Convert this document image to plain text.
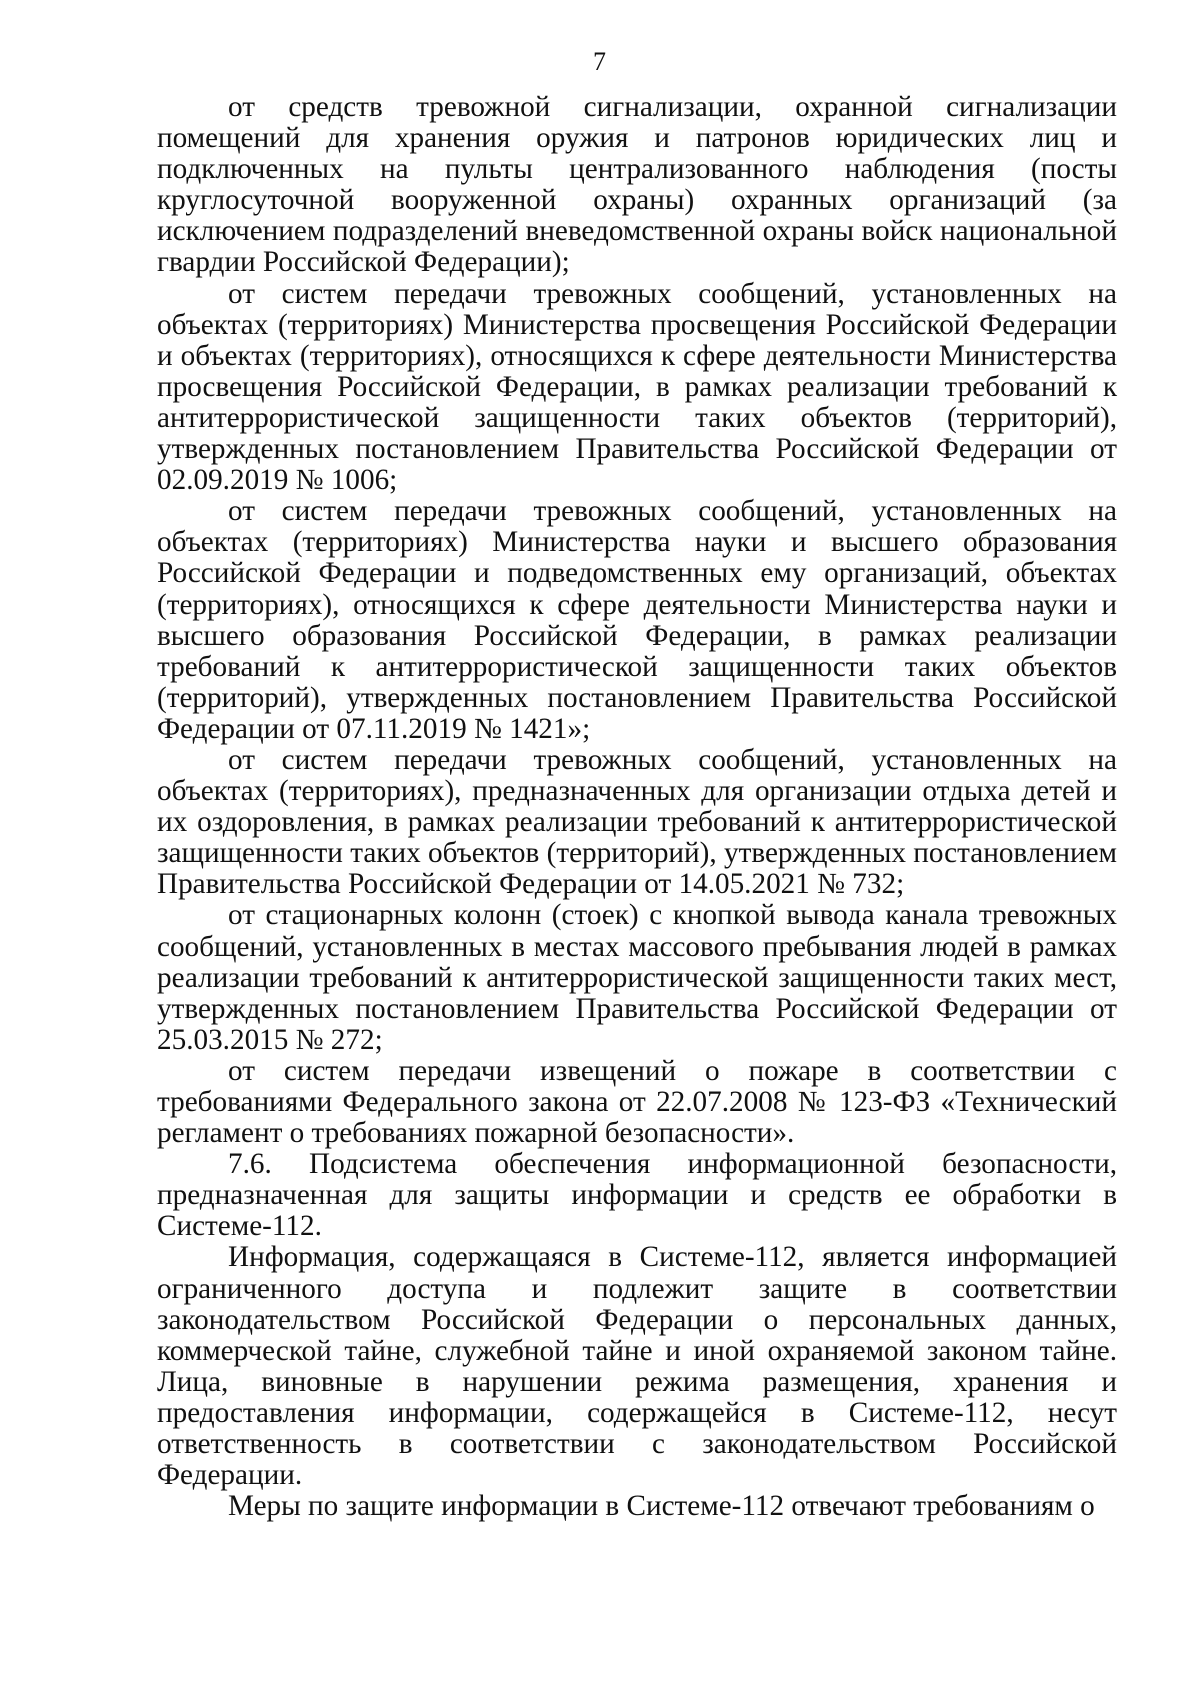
7

от средств тревожной сигнализации, охранной сигнализации помещений для хранения оружия и патронов юридических лиц и подключенных на пульты централизованного наблюдения (посты круглосуточной вооруженной охраны) охранных организаций (за исключением подразделений вневедомственной охраны войск национальной гвардии Российской Федерации);

от систем передачи тревожных сообщений, установленных на объектах (территориях) Министерства просвещения Российской Федерации и объектах (территориях), относящихся к сфере деятельности Министерства просвещения Российской Федерации, в рамках реализации требований к антитеррористической защищенности таких объектов (территорий), утвержденных постановлением Правительства Российской Федерации от 02.09.2019 № 1006;

от систем передачи тревожных сообщений, установленных на объектах (территориях) Министерства науки и высшего образования Российской Федерации и подведомственных ему организаций, объектах (территориях), относящихся к сфере деятельности Министерства науки и высшего образования Российской Федерации, в рамках реализации требований к антитеррористической защищенности таких объектов (территорий), утвержденных постановлением Правительства Российской Федерации от 07.11.2019 № 1421»;

от систем передачи тревожных сообщений, установленных на объектах (территориях), предназначенных для организации отдыха детей и их оздоровления, в рамках реализации требований к антитеррористической защищенности таких объектов (территорий), утвержденных постановлением Правительства Российской Федерации от 14.05.2021 № 732;

от стационарных колонн (стоек) с кнопкой вывода канала тревожных сообщений, установленных в местах массового пребывания людей в рамках реализации требований к антитеррористической защищенности таких мест, утвержденных постановлением Правительства Российской Федерации от 25.03.2015 № 272;

от систем передачи извещений о пожаре в соответствии с требованиями Федерального закона от 22.07.2008 № 123-ФЗ «Технический регламент о требованиях пожарной безопасности».

7.6. Подсистема обеспечения информационной безопасности, предназначенная для защиты информации и средств ее обработки в Системе-112.

Информация, содержащаяся в Системе-112, является информацией ограниченного доступа и подлежит защите в соответствии законодательством Российской Федерации о персональных данных, коммерческой тайне, служебной тайне и иной охраняемой законом тайне. Лица, виновные в нарушении режима размещения, хранения и предоставления информации, содержащейся в Системе-112, несут ответственность в соответствии с законодательством Российской Федерации.

Меры по защите информации в Системе-112 отвечают требованиям о
